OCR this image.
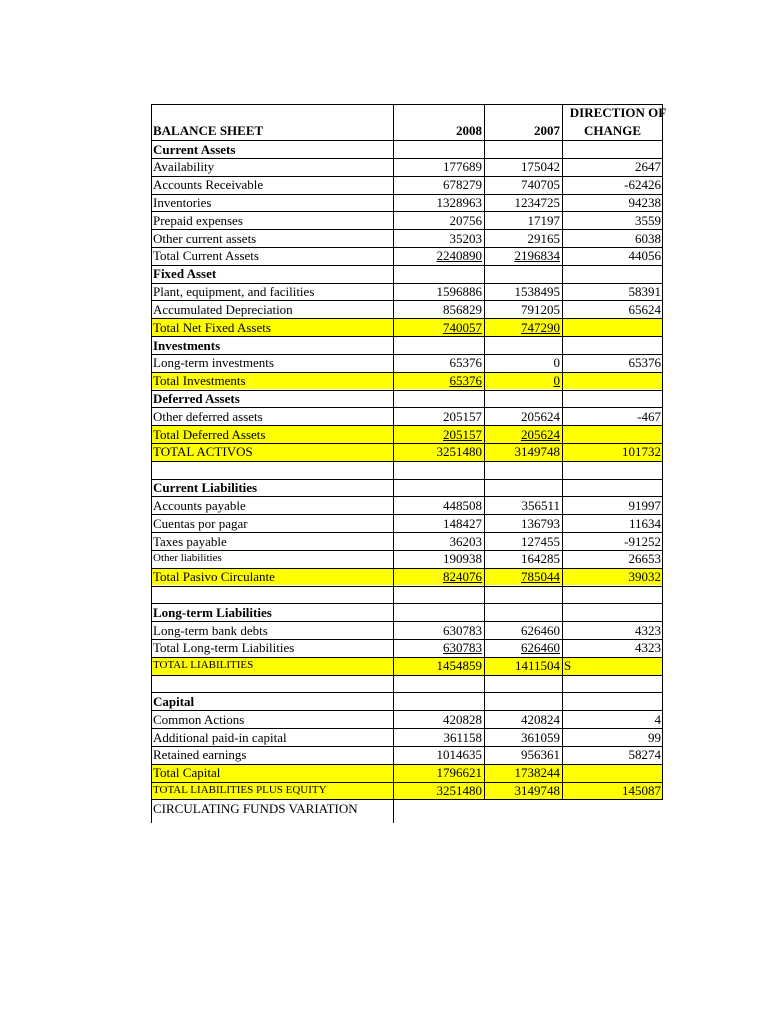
BALANCE SHEET	2008	2007
DIRECTION OF
CHANGE
Current Assets
Availability	177689	175042	2647
Accounts Receivable	678279	740705	-62426
Inventories	1328963	1234725	94238
Prepaid expenses	20756	17197	3559
Other current assets	35203	29165	6038
Total Current Assets	2240890	2196834	44056
Fixed Asset
Plant, equipment, and facilities	1596886	1538495	58391
Accumulated Depreciation	856829	791205	65624
Total Net Fixed Assets	740057	747290
Investments
Long-term investments	65376	0	65376
Total Investments	65376	0
Deferred Assets
Other deferred assets	205157	205624	-467
Total Deferred Assets	205157	205624
TOTAL ACTIVOS	3251480	3149748	101732
Current Liabilities
Accounts payable	448508	356511	91997
Cuentas por pagar	148427	136793	11634
Taxes payable	36203	127455	-91252
Other liabilities	190938	164285	26653
Total Pasivo Circulante	824076	785044	39032
Long-term Liabilities
Long-term bank debts	630783	626460	4323
Total Long-term Liabilities	630783	626460	4323
TOTAL LIABILITIES	1454859	1411504 S
Capital
Common Actions	420828	420824	4
Additional paid-in capital	361158	361059	99
Retained earnings	1014635	956361	58274
Total Capital	1796621	1738244
TOTAL LIABILITIES PLUS EQUITY	3251480	3149748	145087
CIRCULATING FUNDS VARIATION
